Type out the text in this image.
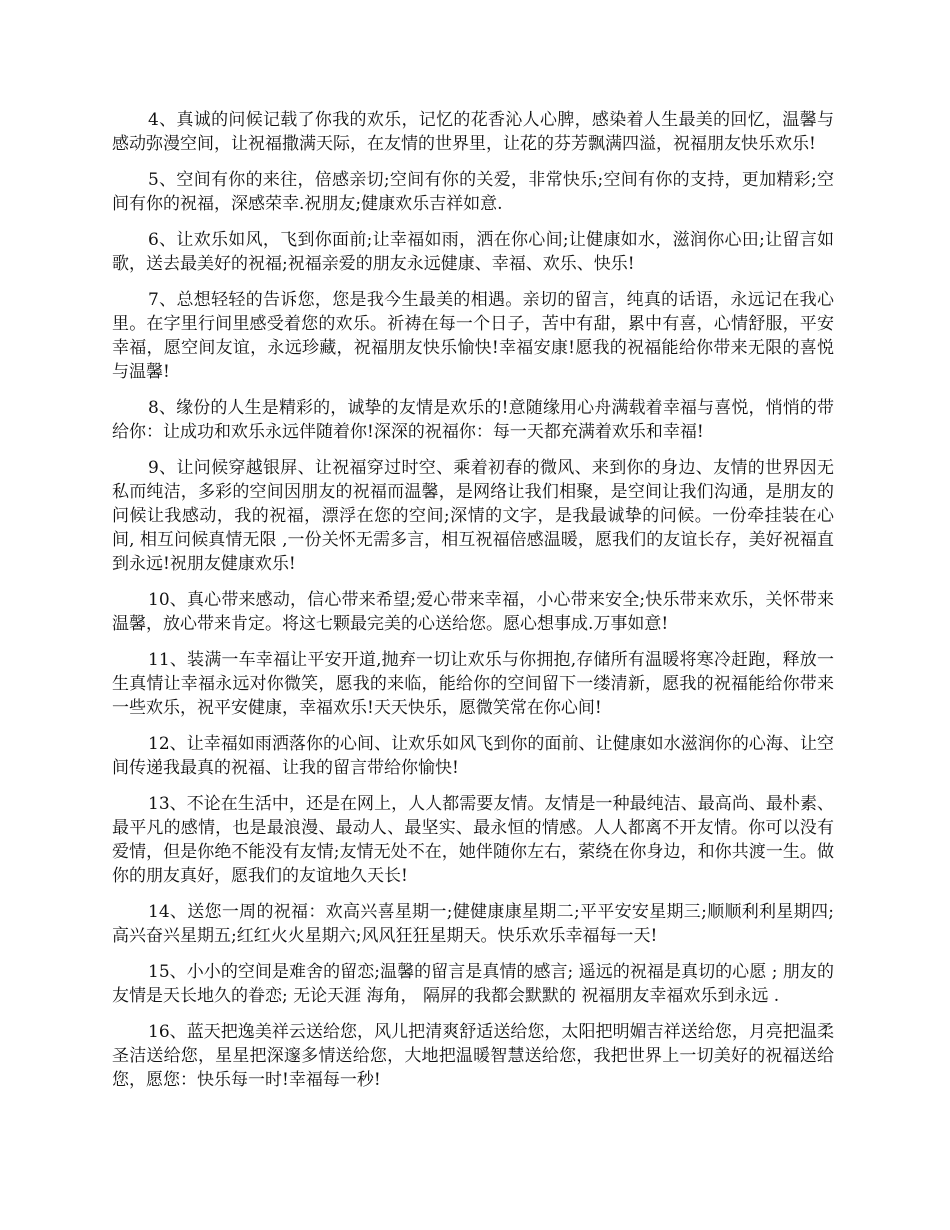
4、真诚的问候记载了你我的欢乐，记忆的花香沁人心脾，感染着人生最美的回忆，温馨与感动弥漫空间，让祝福撒满天际，在友情的世界里，让花的芬芳飘满四溢，祝福朋友快乐欢乐!

5、空间有你的来往，倍感亲切;空间有你的关爱，非常快乐;空间有你的支持，更加精彩;空间有你的祝福，深感荣幸.祝朋友;健康欢乐吉祥如意.

6、让欢乐如风，飞到你面前;让幸福如雨，洒在你心间;让健康如水，滋润你心田;让留言如歌，送去最美好的祝福;祝福亲爱的朋友永远健康、幸福、欢乐、快乐!

7、总想轻轻的告诉您，您是我今生最美的相遇。亲切的留言，纯真的话语，永远记在我心里。在字里行间里感受着您的欢乐。祈祷在每一个日子，苦中有甜，累中有喜，心情舒服，平安幸福，愿空间友谊，永远珍藏，祝福朋友快乐愉快!幸福安康!愿我的祝福能给你带来无限的喜悦与温馨!

8、缘份的人生是精彩的，诚挚的友情是欢乐的!意随缘用心舟满载着幸福与喜悦，悄悄的带给你：让成功和欢乐永远伴随着你!深深的祝福你：每一天都充满着欢乐和幸福!

9、让问候穿越银屏、让祝福穿过时空、乘着初春的微风、来到你的身边、友情的世界因无私而纯洁，多彩的空间因朋友的祝福而温馨，是网络让我们相聚，是空间让我们沟通，是朋友的问候让我感动，我的祝福，漂浮在您的空间;深情的文字，是我最诚挚的问候。一份牵挂装在心间, 相互问候真情无限 ,一份关怀无需多言，相互祝福倍感温暖，愿我们的友谊长存，美好祝福直到永远!祝朋友健康欢乐!

10、真心带来感动，信心带来希望;爱心带来幸福，小心带来安全;快乐带来欢乐，关怀带来温馨，放心带来肯定。将这七颗最完美的心送给您。愿心想事成.万事如意!

11、装满一车幸福让平安开道,抛弃一切让欢乐与你拥抱,存储所有温暖将寒冷赶跑，释放一生真情让幸福永远对你微笑，愿我的来临，能给你的空间留下一缕清新，愿我的祝福能给你带来一些欢乐，祝平安健康，幸福欢乐!天天快乐，愿微笑常在你心间!

12、让幸福如雨洒落你的心间、让欢乐如风飞到你的面前、让健康如水滋润你的心海、让空间传递我最真的祝福、让我的留言带给你愉快!

13、不论在生活中，还是在网上，人人都需要友情。友情是一种最纯洁、最高尚、最朴素、最平凡的感情，也是最浪漫、最动人、最坚实、最永恒的情感。人人都离不开友情。你可以没有爱情，但是你绝不能没有友情;友情无处不在，她伴随你左右，萦绕在你身边，和你共渡一生。做你的朋友真好，愿我们的友谊地久天长!

14、送您一周的祝福：欢高兴喜星期一;健健康康星期二;平平安安星期三;顺顺利利星期四;高兴奋兴星期五;红红火火星期六;风风狂狂星期天。快乐欢乐幸福每一天!

15、小小的空间是难舍的留恋;温馨的留言是真情的感言; 遥远的祝福是真切的心愿 ; 朋友的友情是天长地久的眷恋; 无论天涯 海角， 隔屏的我都会默默的 祝福朋友幸福欢乐到永远 .

16、蓝天把逸美祥云送给您，风儿把清爽舒适送给您，太阳把明媚吉祥送给您，月亮把温柔圣洁送给您，星星把深邃多情送给您，大地把温暖智慧送给您，我把世界上一切美好的祝福送给您，愿您：快乐每一时!幸福每一秒!
